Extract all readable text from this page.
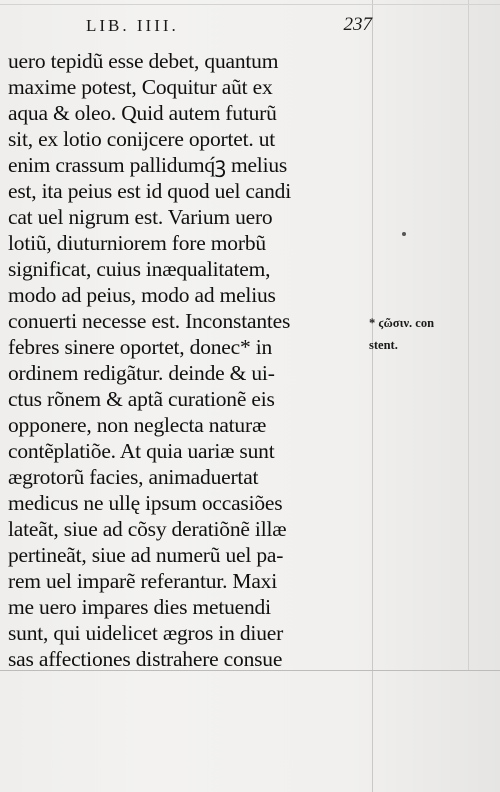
LIB. IIII.	237
uero tepidũ esse debet, quantum
maxime potest, Coquitur aũt ex
aqua & oleo. Quid autem futurũ
sit, ex lotio conijcere oportet. ut
enim crassum pallidumq́ꝫ melius
est, ita peius est id quod uel candi
cat uel nigrum est. Varium uero
lotiũ, diuturniorem fore morbũ
significat, cuius inæqualitatem,
modo ad peius, modo ad melius
conuerti necesse est. Inconstantes
febres sinere oportet, donec* in
ordinem redigãtur. deinde & ui-
ctus rõnem & aptã curationẽ eis
opponere, non neglecta naturæ
contẽplatiõe. At quia uariæ sunt
ægrotorũ facies, animaduertat
medicus ne ullę ipsum occasiões
lateãt, siue ad cõsy deratiõnẽ illæ
pertineãt, siue ad numerũ uel pa-
rem uel imparẽ referantur. Maxi
me uero impares dies metuendi
sunt, qui uidelicet ægros in diuer
sas affectiones distrahere consue
* ϛῶσιν. con
stent.
